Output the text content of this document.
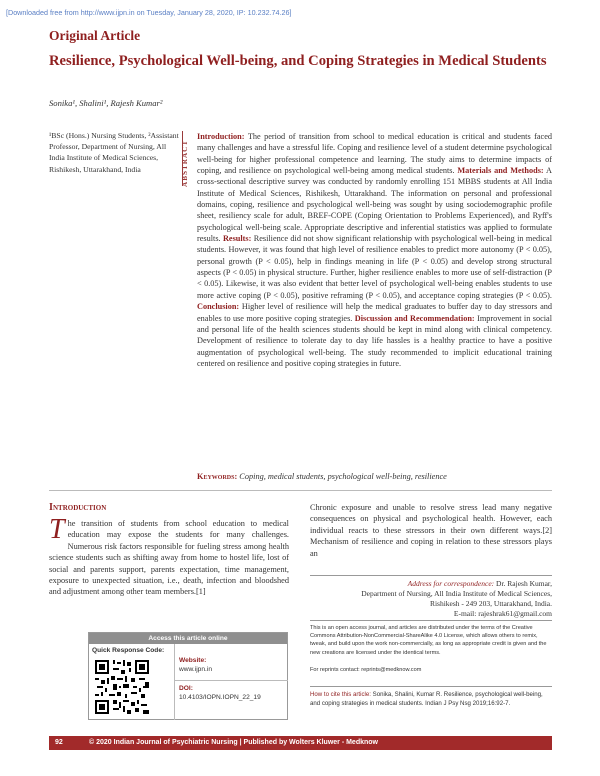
[Downloaded free from http://www.ijpn.in on Tuesday, January 28, 2020, IP: 10.232.74.26]
Original Article
Resilience, Psychological Well-being, and Coping Strategies in Medical Students
Sonika¹, Shalini¹, Rajesh Kumar²
¹BSc (Hons.) Nursing Students, ²Assistant Professor, Department of Nursing, All India Institute of Medical Sciences, Rishikesh, Uttarakhand, India	ABSTRACT

Introduction: The period of transition from school to medical education is critical and students faced many challenges and have a stressful life. Coping and resilience level of a student determine psychological well-being for higher professional competence and learning. The study aims to determine impacts of coping, and resilience on psychological well-being among medical students. Materials and Methods: A cross-sectional descriptive survey was conducted by randomly enrolling 151 MBBS students at All India Institute of Medical Sciences, Rishikesh, Uttarakhand. The information on personal and professional domains, coping, resilience and psychological well-being was sought by using sociodemographic profile sheet, resiliency scale for adult, BREF-COPE (Coping Orientation to Problems Experienced), and Ryff's psychological well-being scale. Appropriate descriptive and inferential statistics was applied to formulate results. Results: Resilience did not show significant relationship with psychological well-being in medical students. However, it was found that high level of resilience enables to predict more autonomy (P < 0.05), personal growth (P < 0.05), help in findings meaning in life (P < 0.05) and develop strong structural aspects (P < 0.05) in physical structure. Further, higher resilience enables to more use of self-distraction (P < 0.05). Likewise, it was also evident that better level of psychological well-being enables students to use more active coping (P < 0.05), positive reframing (P < 0.05), and acceptance coping strategies (P < 0.05). Conclusion: Higher level of resilience will help the medical graduates to buffer day to day stressors and enables to use more positive coping strategies. Discussion and Recommendation: Improvement in social and personal life of the health sciences students should be kept in mind along with clinical competency. Development of resilience to tolerate day to day life hassles is a healthy practice to have a positive augmentation of psychological well-being. The study recommended to implicit educational training centered on resilience and positive coping strategies in future.

Keywords: Coping, medical students, psychological well-being, resilience
Introduction
The transition of students from school education to medical education may expose the students for many challenges. Numerous risk factors responsible for fueling stress among health science students such as shifting away from home to hostel life, lost of social and parents support, parents expectation, time management, exposure to unexpected situation, i.e., death, infection and bloodshed and adjustment among other team members.[1]
Chronic exposure and unable to resolve stress lead many negative consequences on physical and psychological health. However, each individual reacts to these stressors in their own different ways.[2] Mechanism of resilience and coping in relation to these stressors plays an
Address for correspondence: Dr. Rajesh Kumar,
Department of Nursing, All India Institute of Medical Sciences,
Rishikesh - 249 203, Uttarakhand, India.
E-mail: rajeshrak61@gmail.com
This is an open access journal, and articles are distributed under the terms of the Creative Commons Attribution-NonCommercial-ShareAlike 4.0 License, which allows others to remix, tweak, and build upon the work non-commercially, as long as appropriate credit is given and the new creations are licensed under the identical terms.
For reprints contact: reprints@medknow.com
How to cite this article: Sonika, Shalini, Kumar R. Resilience, psychological well-being, and coping strategies in medical students. Indian J Psy Nsg 2019;16:92-7.
Access this article online
Quick Response Code:
Website:
www.ijpn.in
DOI:
10.4103/IOPN.IOPN_22_19
92	© 2020 Indian Journal of Psychiatric Nursing | Published by Wolters Kluwer - Medknow
